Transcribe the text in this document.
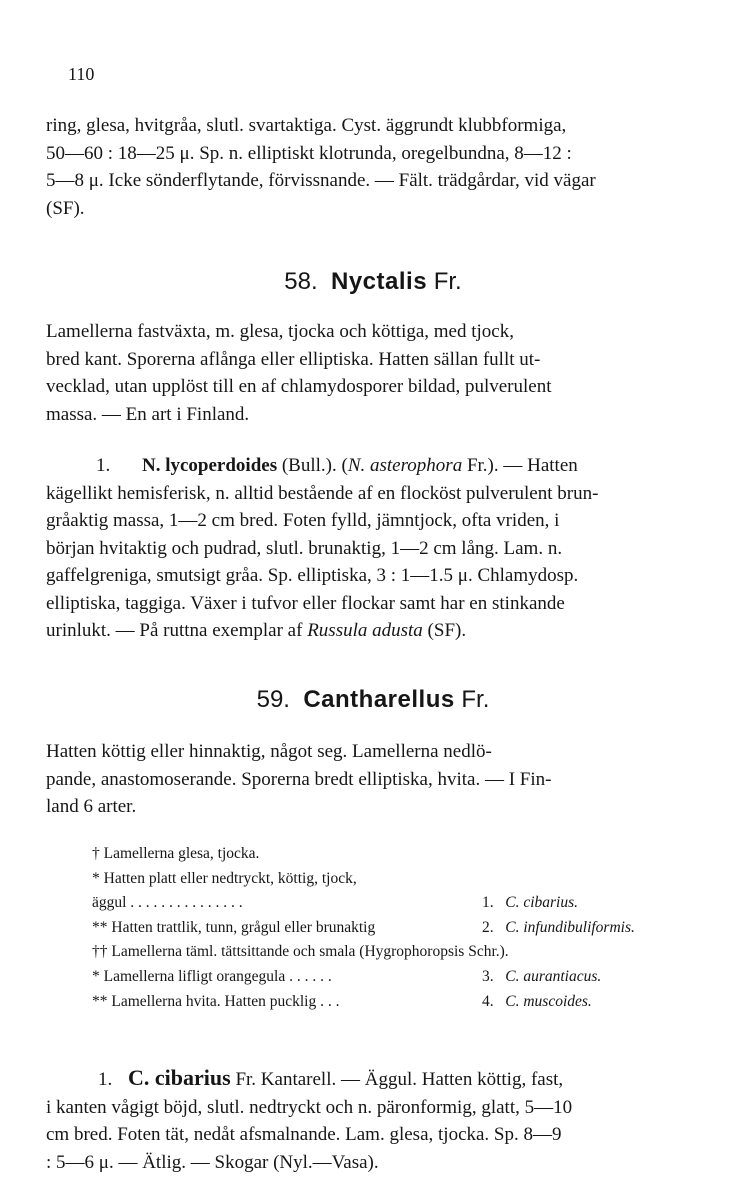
110
ring, glesa, hvitgråa, slutl. svartaktiga. Cyst. äggrundt klubbformiga,
50—60 : 18—25 μ. Sp. n. elliptiskt klotrunda, oregelbundna, 8—12 :
5—8 μ. Icke sönderflytande, förvissnande. — Fält. trädgårdar, vid vägar
(SF).
58. Nyctalis Fr.
Lamellerna fastväxta, m. glesa, tjocka och köttiga, med tjock,
bred kant. Sporerna aflånga eller elliptiska. Hatten sällan fullt ut-
vecklad, utan upplöst till en af chlamydosporer bildad, pulverulent
massa. — En art i Finland.
1. N. lycoperdoides (Bull.). (N. asterophora Fr.). — Hatten
kägellikt hemisferisk, n. alltid bestående af en flocköst pulverulent brun-
gråaktig massa, 1—2 cm bred. Foten fylld, jämntjock, ofta vriden, i
början hvitaktig och pudrad, slutl. brunaktig, 1—2 cm lång. Lam. n.
gaffelgreniga, smutsigt gråa. Sp. elliptiska, 3 : 1—1.5 μ. Chlamydosp.
elliptiska, taggiga. Växer i tufvor eller flockar samt har en stinkande
urinlukt. — På ruttna exemplar af Russula adusta (SF).
59. Cantharellus Fr.
Hatten köttig eller hinnaktig, något seg. Lamellerna nedlö-
pande, anastomoserande. Sporerna bredt elliptiska, hvita. — I Fin-
land 6 arter.
† Lamellerna glesa, tjocka.
* Hatten platt eller nedtryckt, köttig, tjock,
äggul . . . . . . . . . . . . . . .	1. C. cibarius.
** Hatten trattlik, tunn, grågul eller brunaktig	2. C. infundibuliformis.
†† Lamellerna täml. tättsittande och smala (Hygrophoropsis Schr.).
* Lamellerna lifligt orangegula . . . . . .	3. C. aurantiacus.
** Lamellerna hvita. Hatten pucklig . . .	4. C. muscoides.
1. C. cibarius Fr. Kantarell. — Äggul. Hatten köttig, fast,
i kanten vågigt böjd, slutl. nedtryckt och n. päronformig, glatt, 5—10
cm bred. Foten tät, nedåt afsmalnande. Lam. glesa, tjocka. Sp. 8—9
: 5—6 μ. — Ätlig. — Skogar (Nyl.—Vasa).
